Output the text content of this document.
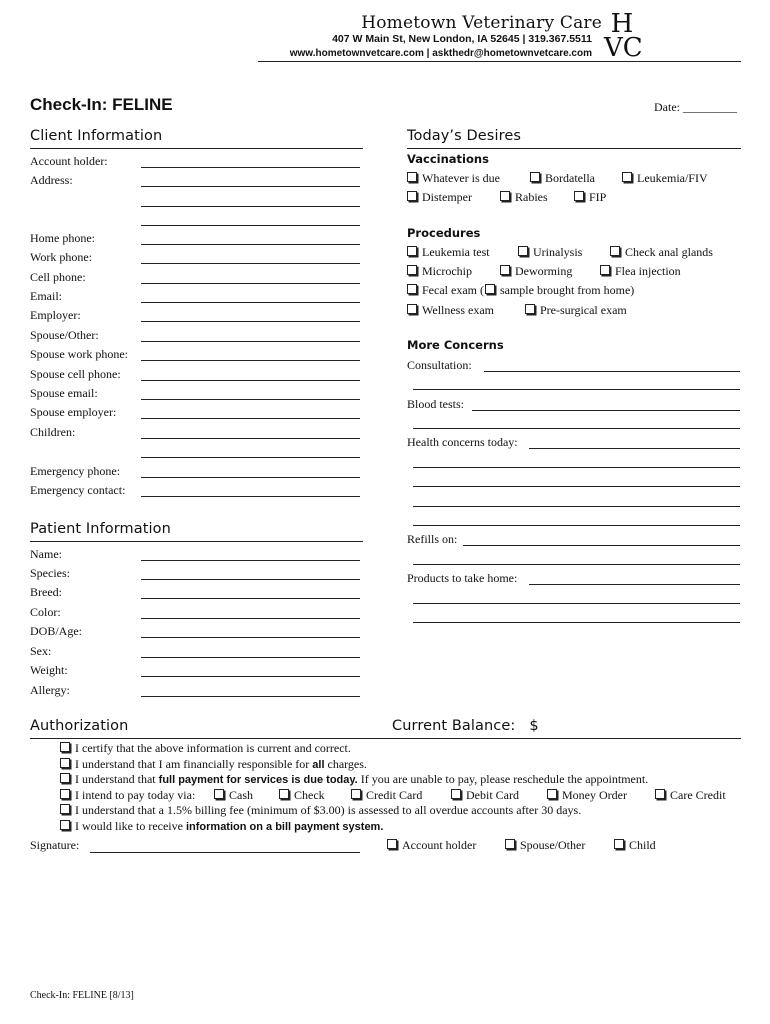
Hometown Veterinary Care
407 W Main St, New London, IA 52645 | 319.367.5511
www.hometownvetcare.com | askthedr@hometownvetcare.com
H
VC
Check-In: FELINE	Date: _________
Client Information
Account holder:
Address:
Home phone:
Work phone:
Cell phone:
Email:
Employer:
Spouse/Other:
Spouse work phone:
Spouse cell phone:
Spouse email:
Spouse employer:
Children:
Emergency phone:
Emergency contact:
Patient Information
Name:
Species:
Breed:
Color:
DOB/Age:
Sex:
Weight:
Allergy:
Today’s Desires
Vaccinations
Whatever is due	Bordatella	Leukemia/FIV
Distemper	Rabies	FIP
Procedures
Leukemia test	Urinalysis	Check anal glands
Microchip	Deworming	Flea injection
Fecal exam ( sample brought from home)
Wellness exam	Pre-surgical exam
More Concerns
Consultation:
Blood tests:
Health concerns today:
Refills on:
Products to take home:
Authorization	Current Balance: $
I certify that the above information is current and correct.
I understand that I am financially responsible for all charges.
I understand that full payment for services is due today. If you are unable to pay, please reschedule the appointment.
I intend to pay today via:	Cash	Check	Credit Card	Debit Card	Money Order	Care Credit
I understand that a 1.5% billing fee (minimum of $3.00) is assessed to all overdue accounts after 30 days.
I would like to receive information on a bill payment system.
Signature:	Account holder	Spouse/Other	Child
Check-In: FELINE [8/13]
